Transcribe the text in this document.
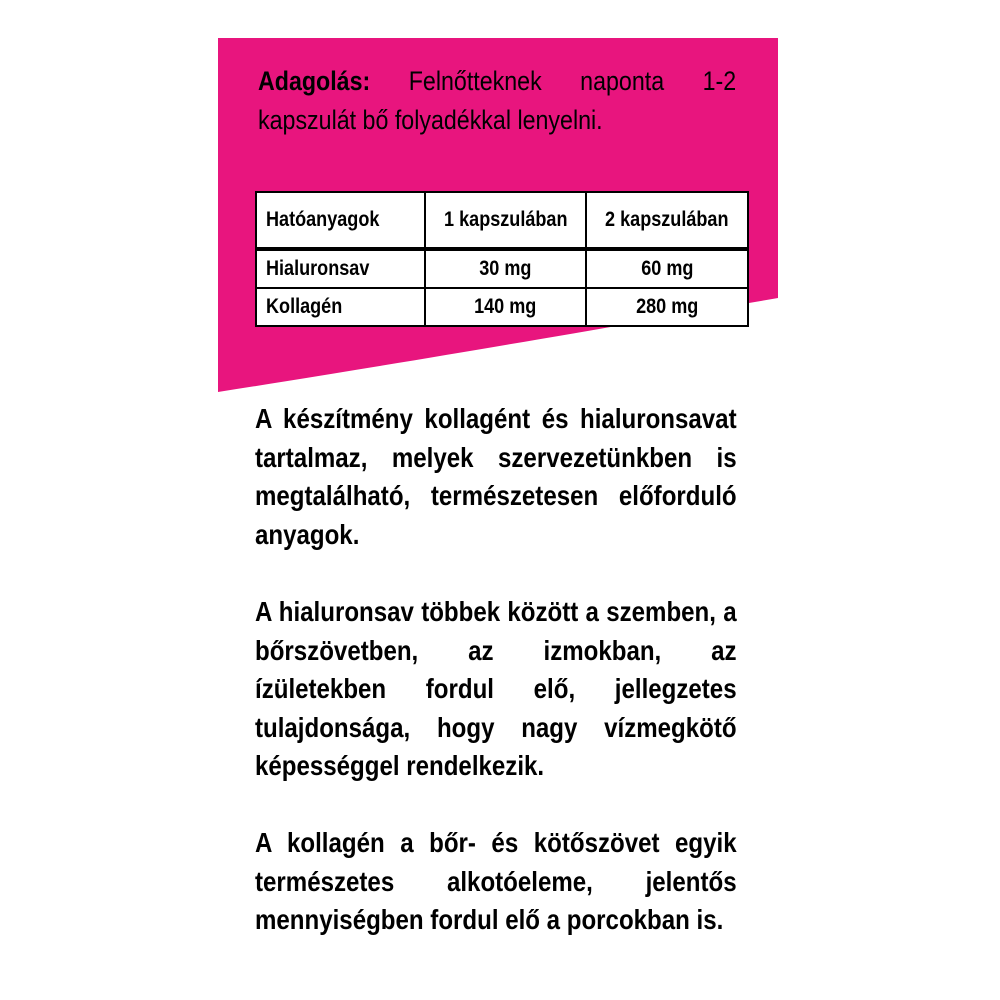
Adagolás: Felnőtteknek naponta 1-2 kapszulát bő folyadékkal lenyelni.
Hatóanyagok	1 kapszulában	2 kapszulában
Hialuronsav	30 mg	60 mg
Kollagén	140 mg	280 mg
A készítmény kollagént és hialuronsavat tartalmaz, melyek szervezetünkben is megtalálható, természetesen előforduló anyagok.
A hialuronsav többek között a szemben, a bőrszövetben, az izmokban, az ízületekben fordul elő, jellegzetes tulajdonsága, hogy nagy vízmegkötő képességgel rendelkezik.
A kollagén a bőr- és kötőszövet egyik természetes alkotóeleme, jelentős mennyiségben fordul elő a porcokban is.
